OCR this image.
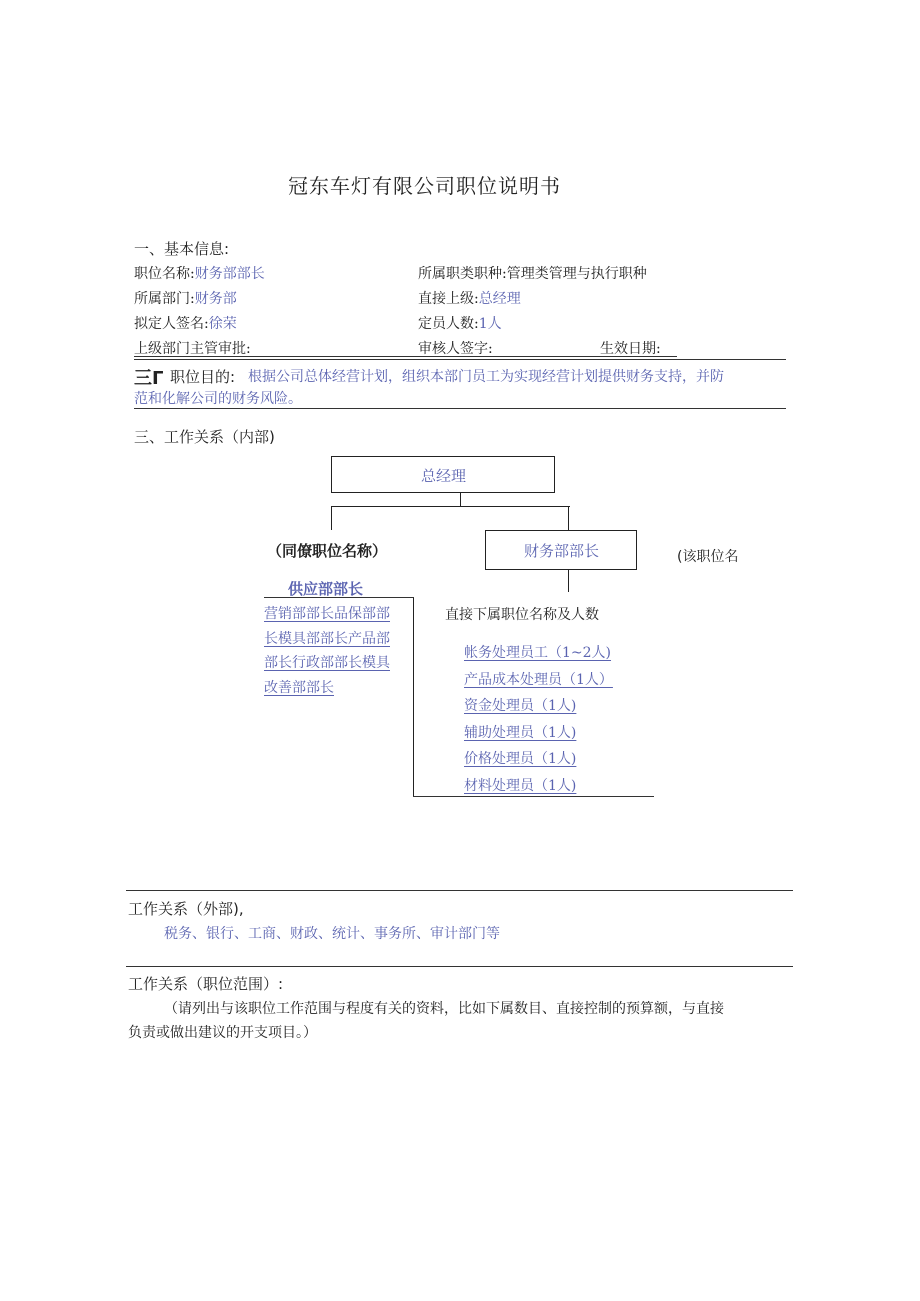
冠东车灯有限公司职位说明书
一、基本信息:
职位名称:财务部部长	所属职类职种:管理类管理与执行职种
所属部门:财务部	直接上级:总经理
拟定人签名:徐荣	定员人数:1人
上级部门主管审批:	审核人签字:	生效日期:
三Γ 职位目的: 根据公司总体经营计划，组织本部门员工为实现经营计划提供财务支持，并防
范和化解公司的财务风险。
三、工作关系（内部)
总经理
（同僚职位名称）	财务部部长	(该职位名
供应部部长
营销部部长品保部部
长模具部部长产品部
部长行政部部长模具
改善部部长
直接下属职位名称及人数
帐务处理员工（1~2人)
产品成本处理员（1人）
资金处理员（1人)
辅助处理员（1人)
价格处理员（1人)
材料处理员（1人)
工作关系（外部),
税务、银行、工商、财政、统计、事务所、审计部门等
工作关系（职位范围）:
（请列出与该职位工作范围与程度有关的资料，比如下属数目、直接控制的预算额，与直接
负责或做出建议的开支项目。）
